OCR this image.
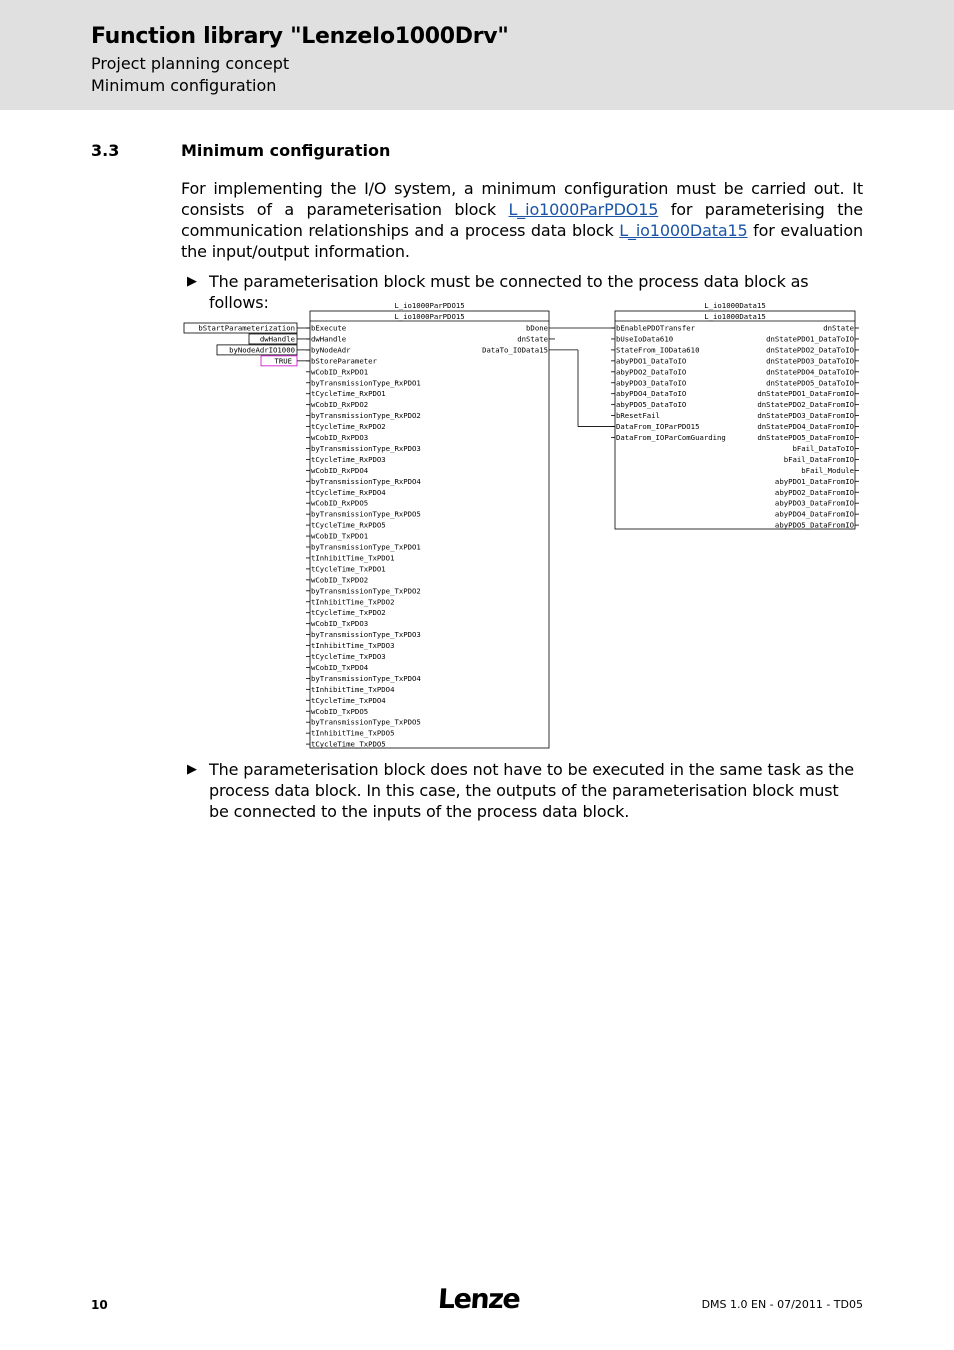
Function library "LenzeIo1000Drv"
Project planning concept
Minimum configuration
3.3	Minimum configuration
For implementing the I/O system, a minimum configuration must be carried out. It consists of a parameterisation block L_io1000ParPDO15 for parameterising the communication relationships and a process data block L_io1000Data15 for evaluation the input/output information.
▶ The parameterisation block must be connected to the process data block as follows:	L_io1000ParPDO15
L_io1000ParPDO15
bExecute
dwHandle
byNodeAdr
bStoreParameter
wCobID_RxPDO1
byTransmissionType_RxPDO1
tCycleTime_RxPDO1
wCobID_RxPDO2
byTransmissionType_RxPDO2
tCycleTime_RxPDO2
wCobID_RxPDO3
byTransmissionType_RxPDO3
tCycleTime_RxPDO3
wCobID_RxPDO4
byTransmissionType_RxPDO4
tCycleTime_RxPDO4
wCobID_RxPDO5
byTransmissionType_RxPDO5
tCycleTime_RxPDO5
wCobID_TxPDO1
byTransmissionType_TxPDO1
tInhibitTime_TxPDO1
tCycleTime_TxPDO1
wCobID_TxPDO2
byTransmissionType_TxPDO2
tInhibitTime_TxPDO2
tCycleTime_TxPDO2
wCobID_TxPDO3
byTransmissionType_TxPDO3
tInhibitTime_TxPDO3
tCycleTime_TxPDO3
wCobID_TxPDO4
byTransmissionType_TxPDO4
tInhibitTime_TxPDO4
tCycleTime_TxPDO4
wCobID_TxPDO5
byTransmissionType_TxPDO5
tInhibitTime_TxPDO5
tCycleTime_TxPDO5
bDone
dnState
DataTo_IOData15
bStartParameterization
dwHandle
byNodeAdrIO1000
TRUE
L_io1000Data15
L_io1000Data15
bEnablePDOTransfer
bUseIoData610
StateFrom_IOData610
abyPDO1_DataToIO
abyPDO2_DataToIO
abyPDO3_DataToIO
abyPDO4_DataToIO
abyPDO5_DataToIO
bResetFail
DataFrom_IOParPDO15
DataFrom_IOParComGuarding
dnState
dnStatePDO1_DataToIO
dnStatePDO2_DataToIO
dnStatePDO3_DataToIO
dnStatePDO4_DataToIO
dnStatePDO5_DataToIO
dnStatePDO1_DataFromIO
dnStatePDO2_DataFromIO
dnStatePDO3_DataFromIO
dnStatePDO4_DataFromIO
dnStatePDO5_DataFromIO
bFail_DataToIO
bFail_DataFromIO
bFail_Module
abyPDO1_DataFromIO
abyPDO2_DataFromIO
abyPDO3_DataFromIO
abyPDO4_DataFromIO
abyPDO5_DataFromIO
▶ The parameterisation block does not have to be executed in the same task as the process data block. In this case, the outputs of the parameterisation block must be connected to the inputs of the process data block.
10	Lenze	DMS 1.0 EN - 07/2011 - TD05
